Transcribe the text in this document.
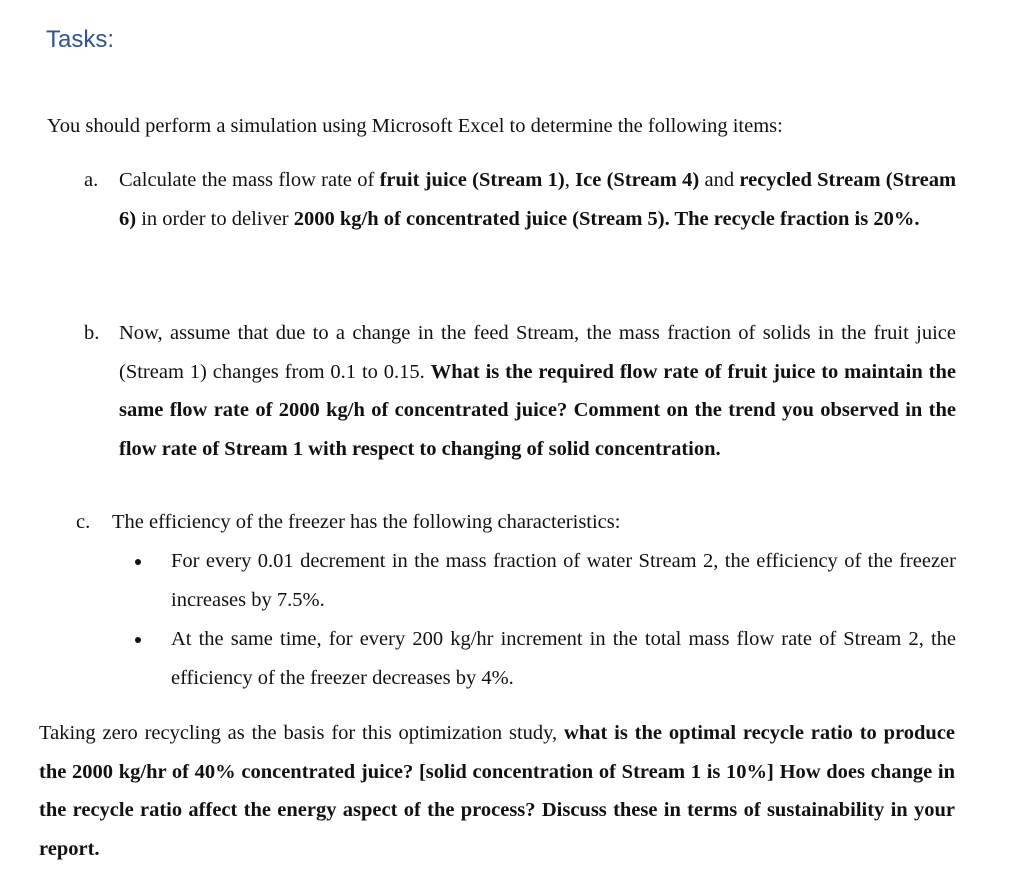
Tasks:

You should perform a simulation using Microsoft Excel to determine the following items:

a. Calculate the mass flow rate of fruit juice (Stream 1), Ice (Stream 4) and recycled Stream (Stream 6) in order to deliver 2000 kg/h of concentrated juice (Stream 5). The recycle fraction is 20%.

b. Now, assume that due to a change in the feed Stream, the mass fraction of solids in the fruit juice (Stream 1) changes from 0.1 to 0.15. What is the required flow rate of fruit juice to maintain the same flow rate of 2000 kg/h of concentrated juice? Comment on the trend you observed in the flow rate of Stream 1 with respect to changing of solid concentration.

c. The efficiency of the freezer has the following characteristics:

For every 0.01 decrement in the mass fraction of water Stream 2, the efficiency of the freezer increases by 7.5%.

At the same time, for every 200 kg/hr increment in the total mass flow rate of Stream 2, the efficiency of the freezer decreases by 4%.

Taking zero recycling as the basis for this optimization study, what is the optimal recycle ratio to produce the 2000 kg/hr of 40% concentrated juice? [solid concentration of Stream 1 is 10%] How does change in the recycle ratio affect the energy aspect of the process? Discuss these in terms of sustainability in your report.
